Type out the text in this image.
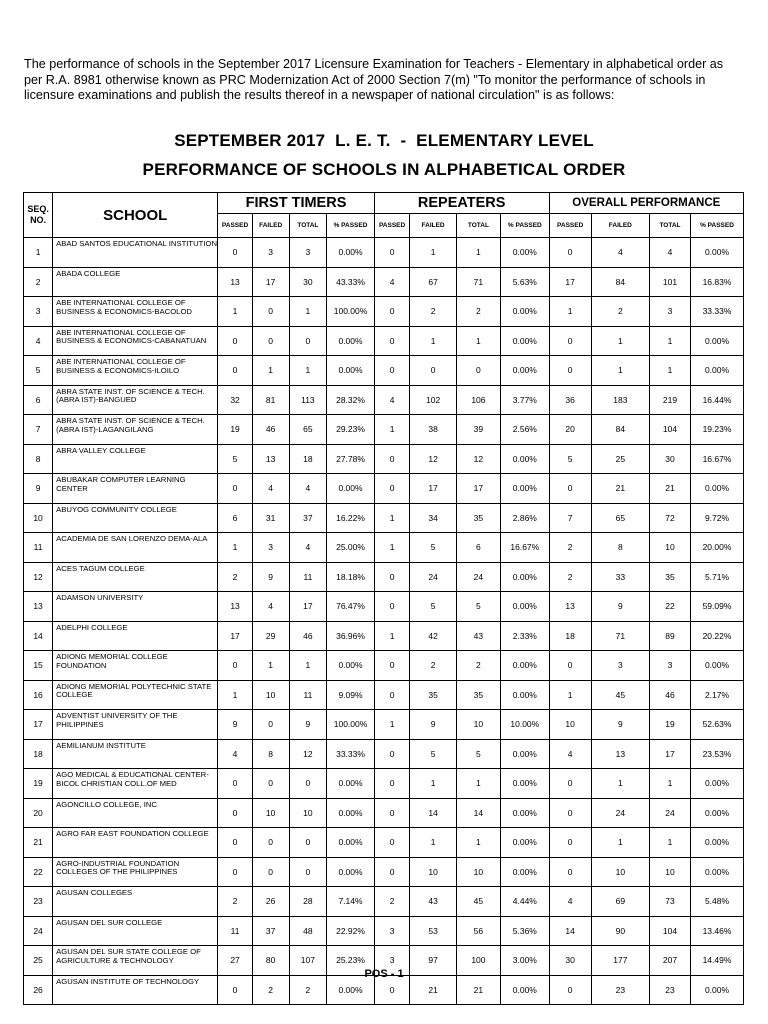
The performance of schools in the September 2017 Licensure Examination for Teachers - Elementary in alphabetical order as per R.A. 8981 otherwise known as PRC Modernization Act of 2000 Section 7(m) "To monitor the performance of schools in licensure examinations and publish the results thereof in a newspaper of national circulation" is as follows:
SEPTEMBER 2017  L. E. T.  -  ELEMENTARY LEVEL
PERFORMANCE OF SCHOOLS IN ALPHABETICAL ORDER
SEQ. NO.	SCHOOL	FIRST TIMERS				REPEATERS				OVERALL PERFORMANCE			
		PASSED	FAILED	TOTAL	% PASSED	PASSED	FAILED	TOTAL	% PASSED	PASSED	FAILED	TOTAL	% PASSED
1	ABAD SANTOS EDUCATIONAL INSTITUTION	0	3	3	0.00%	0	1	1	0.00%	0	4	4	0.00%
2	ABADA COLLEGE	13	17	30	43.33%	4	67	71	5.63%	17	84	101	16.83%
3	ABE INTERNATIONAL COLLEGE OF BUSINESS & ECONOMICS-BACOLOD	1	0	1	100.00%	0	2	2	0.00%	1	2	3	33.33%
4	ABE INTERNATIONAL COLLEGE OF BUSINESS & ECONOMICS-CABANATUAN	0	0	0	0.00%	0	1	1	0.00%	0	1	1	0.00%
5	ABE INTERNATIONAL COLLEGE OF BUSINESS & ECONOMICS-ILOILO	0	1	1	0.00%	0	0	0	0.00%	0	1	1	0.00%
6	ABRA STATE INST. OF SCIENCE & TECH.(ABRA IST)-BANGUED	32	81	113	28.32%	4	102	106	3.77%	36	183	219	16.44%
7	ABRA STATE INST. OF SCIENCE & TECH.(ABRA IST)-LAGANGILANG	19	46	65	29.23%	1	38	39	2.56%	20	84	104	19.23%
8	ABRA VALLEY COLLEGE	5	13	18	27.78%	0	12	12	0.00%	5	25	30	16.67%
9	ABUBAKAR COMPUTER LEARNING CENTER	0	4	4	0.00%	0	17	17	0.00%	0	21	21	0.00%
10	ABUYOG COMMUNITY COLLEGE	6	31	37	16.22%	1	34	35	2.86%	7	65	72	9.72%
11	ACADEMIA DE SAN LORENZO DEMA-ALA	1	3	4	25.00%	1	5	6	16.67%	2	8	10	20.00%
12	ACES TAGUM COLLEGE	2	9	11	18.18%	0	24	24	0.00%	2	33	35	5.71%
13	ADAMSON UNIVERSITY	13	4	17	76.47%	0	5	5	0.00%	13	9	22	59.09%
14	ADELPHI COLLEGE	17	29	46	36.96%	1	42	43	2.33%	18	71	89	20.22%
15	ADIONG MEMORIAL COLLEGE FOUNDATION	0	1	1	0.00%	0	2	2	0.00%	0	3	3	0.00%
16	ADIONG MEMORIAL POLYTECHNIC STATE COLLEGE	1	10	11	9.09%	0	35	35	0.00%	1	45	46	2.17%
17	ADVENTIST UNIVERSITY OF THE PHILIPPINES	9	0	9	100.00%	1	9	10	10.00%	10	9	19	52.63%
18	AEMILIANUM INSTITUTE	4	8	12	33.33%	0	5	5	0.00%	4	13	17	23.53%
19	AGO MEDICAL & EDUCATIONAL CENTER-BICOL CHRISTIAN COLL.OF MED	0	0	0	0.00%	0	1	1	0.00%	0	1	1	0.00%
20	AGONCILLO COLLEGE, INC	0	10	10	0.00%	0	14	14	0.00%	0	24	24	0.00%
21	AGRO FAR EAST FOUNDATION COLLEGE	0	0	0	0.00%	0	1	1	0.00%	0	1	1	0.00%
22	AGRO-INDUSTRIAL FOUNDATION COLLEGES OF THE PHILIPPINES	0	0	0	0.00%	0	10	10	0.00%	0	10	10	0.00%
23	AGUSAN COLLEGES	2	26	28	7.14%	2	43	45	4.44%	4	69	73	5.48%
24	AGUSAN DEL SUR COLLEGE	11	37	48	22.92%	3	53	56	5.36%	14	90	104	13.46%
25	AGUSAN DEL SUR STATE COLLEGE OF AGRICULTURE & TECHNOLOGY	27	80	107	25.23%	3	97	100	3.00%	30	177	207	14.49%
26	AGUSAN INSTITUTE OF TECHNOLOGY	0	2	2	0.00%	0	21	21	0.00%	0	23	23	0.00%
POS - 1
